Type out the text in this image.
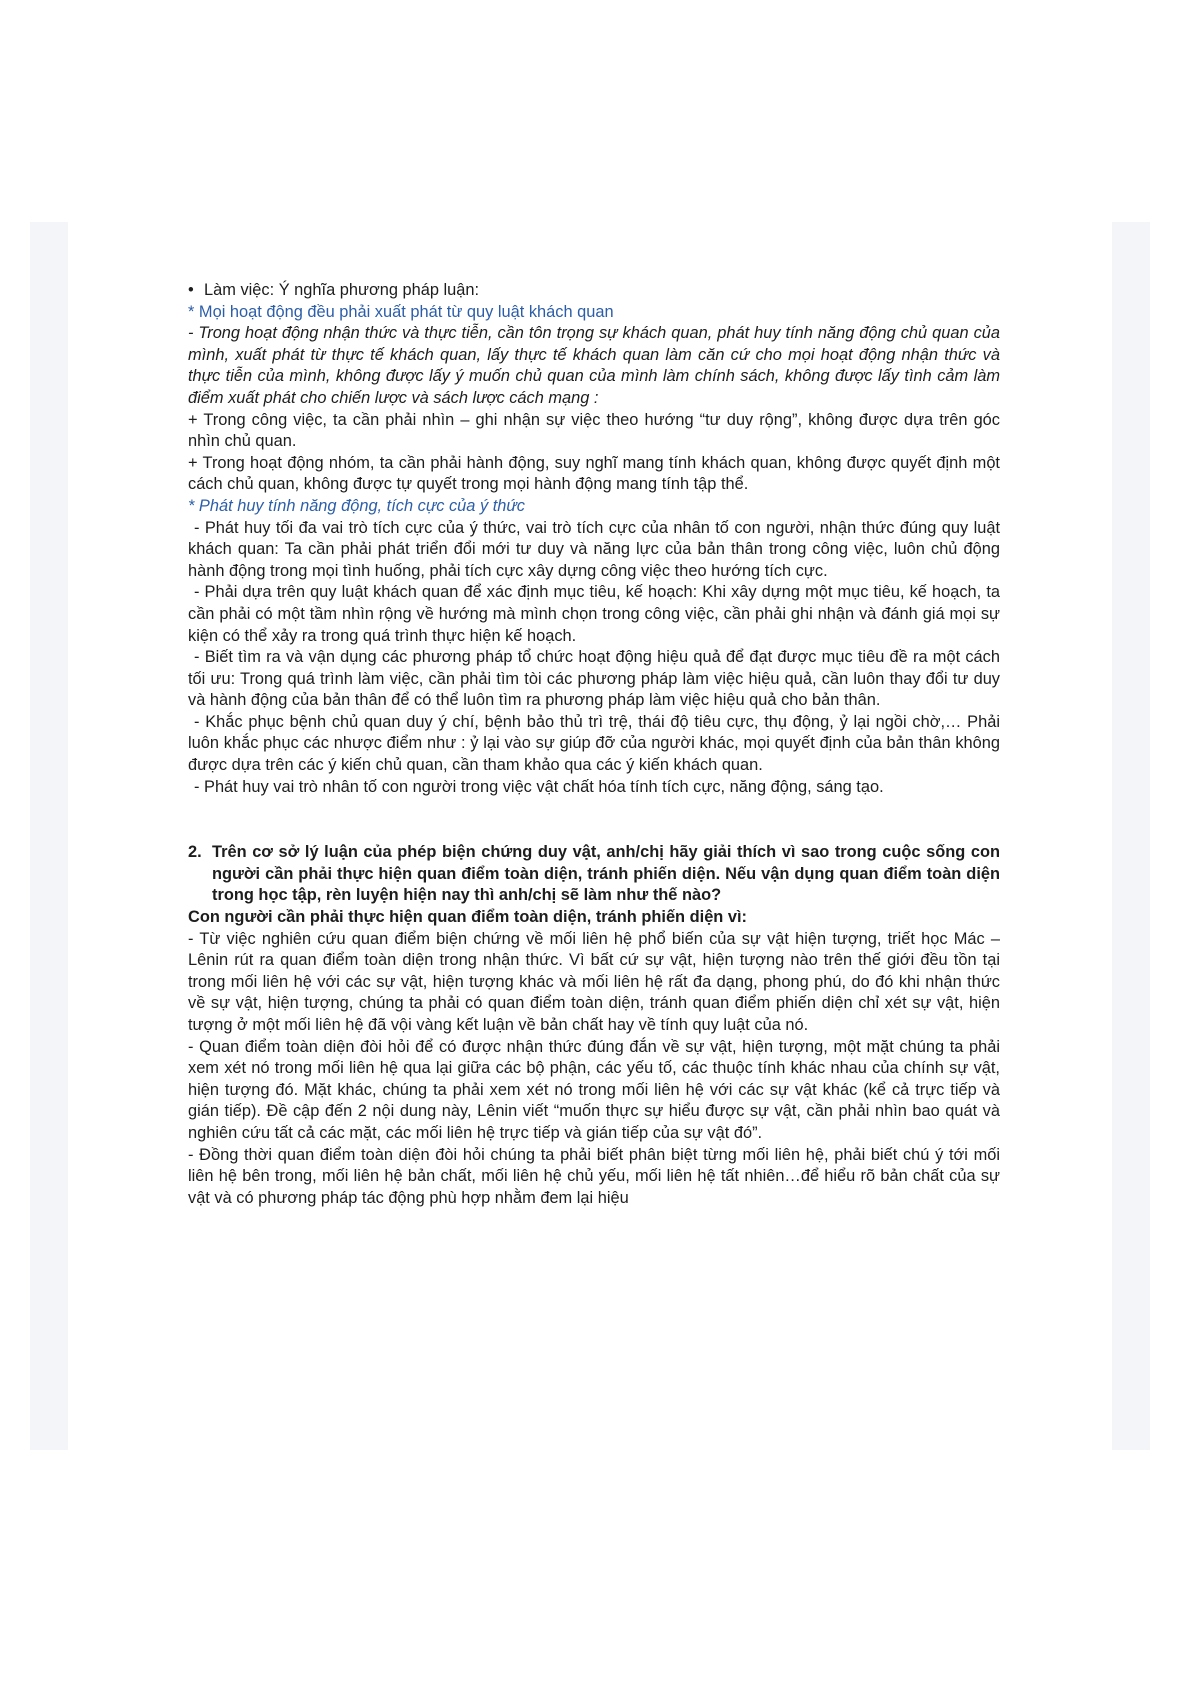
• Làm việc: Ý nghĩa phương pháp luận:

* Mọi hoạt động đều phải xuất phát từ quy luật khách quan

- Trong hoạt động nhận thức và thực tiễn, cần tôn trọng sự khách quan, phát huy tính năng động chủ quan của mình, xuất phát từ thực tế khách quan, lấy thực tế khách quan làm căn cứ cho mọi hoạt động nhận thức và thực tiễn của mình, không được lấy ý muốn chủ quan của mình làm chính sách, không được lấy tình cảm làm điểm xuất phát cho chiến lược và sách lược cách mạng :

+ Trong công việc, ta cần phải nhìn – ghi nhận sự việc theo hướng “tư duy rộng”, không được dựa trên góc nhìn chủ quan.

+ Trong hoạt động nhóm, ta cần phải hành động, suy nghĩ mang tính khách quan, không được quyết định một cách chủ quan, không được tự quyết trong mọi hành động mang tính tập thể.

* Phát huy tính năng động, tích cực của ý thức

- Phát huy tối đa vai trò tích cực của ý thức, vai trò tích cực của nhân tố con người, nhận thức đúng quy luật khách quan: Ta cần phải phát triển đổi mới tư duy và năng lực của bản thân trong công việc, luôn chủ động hành động trong mọi tình huống, phải tích cực xây dựng công việc theo hướng tích cực.

- Phải dựa trên quy luật khách quan để xác định mục tiêu, kế hoạch: Khi xây dựng một mục tiêu, kế hoạch, ta cần phải có một tầm nhìn rộng về hướng mà mình chọn trong công việc, cần phải ghi nhận và đánh giá mọi sự kiện có thể xảy ra trong quá trình thực hiện kế hoạch.

- Biết tìm ra và vận dụng các phương pháp tổ chức hoạt động hiệu quả để đạt được mục tiêu đề ra một cách tối ưu: Trong quá trình làm việc, cần phải tìm tòi các phương pháp làm việc hiệu quả, cần luôn thay đổi tư duy và hành động của bản thân để có thể luôn tìm ra phương pháp làm việc hiệu quả cho bản thân.

- Khắc phục bệnh chủ quan duy ý chí, bệnh bảo thủ trì trệ, thái độ tiêu cực, thụ động, ỷ lại ngồi chờ,… Phải luôn khắc phục các nhược điểm như : ỷ lại vào sự giúp đỡ của người khác, mọi quyết định của bản thân không được dựa trên các ý kiến chủ quan, cần tham khảo qua các ý kiến khách quan.

- Phát huy vai trò nhân tố con người trong việc vật chất hóa tính tích cực, năng động, sáng tạo.

2. Trên cơ sở lý luận của phép biện chứng duy vật, anh/chị hãy giải thích vì sao trong cuộc sống con người cần phải thực hiện quan điểm toàn diện, tránh phiến diện. Nếu vận dụng quan điểm toàn diện trong học tập, rèn luyện hiện nay thì anh/chị sẽ làm như thế nào?

Con người cần phải thực hiện quan điểm toàn diện, tránh phiến diện vì:

- Từ việc nghiên cứu quan điểm biện chứng về mối liên hệ phổ biến của sự vật hiện tượng, triết học Mác – Lênin rút ra quan điểm toàn diện trong nhận thức. Vì bất cứ sự vật, hiện tượng nào trên thế giới đều tồn tại trong mối liên hệ với các sự vật, hiện tượng khác và mối liên hệ rất đa dạng, phong phú, do đó khi nhận thức về sự vật, hiện tượng, chúng ta phải có quan điểm toàn diện, tránh quan điểm phiến diện chỉ xét sự vật, hiện tượng ở một mối liên hệ đã vội vàng kết luận về bản chất hay về tính quy luật của nó.

- Quan điểm toàn diện đòi hỏi để có được nhận thức đúng đắn về sự vật, hiện tượng, một mặt chúng ta phải xem xét nó trong mối liên hệ qua lại giữa các bộ phận, các yếu tố, các thuộc tính khác nhau của chính sự vật, hiện tượng đó. Mặt khác, chúng ta phải xem xét nó trong mối liên hệ với các sự vật khác (kể cả trực tiếp và gián tiếp). Đề cập đến 2 nội dung này, Lênin viết “muốn thực sự hiểu được sự vật, cần phải nhìn bao quát và nghiên cứu tất cả các mặt, các mối liên hệ trực tiếp và gián tiếp của sự vật đó”.

- Đồng thời quan điểm toàn diện đòi hỏi chúng ta phải biết phân biệt từng mối liên hệ, phải biết chú ý tới mối liên hệ bên trong, mối liên hệ bản chất, mối liên hệ chủ yếu, mối liên hệ tất nhiên…để hiểu rõ bản chất của sự vật và có phương pháp tác động phù hợp nhằm đem lại hiệu
